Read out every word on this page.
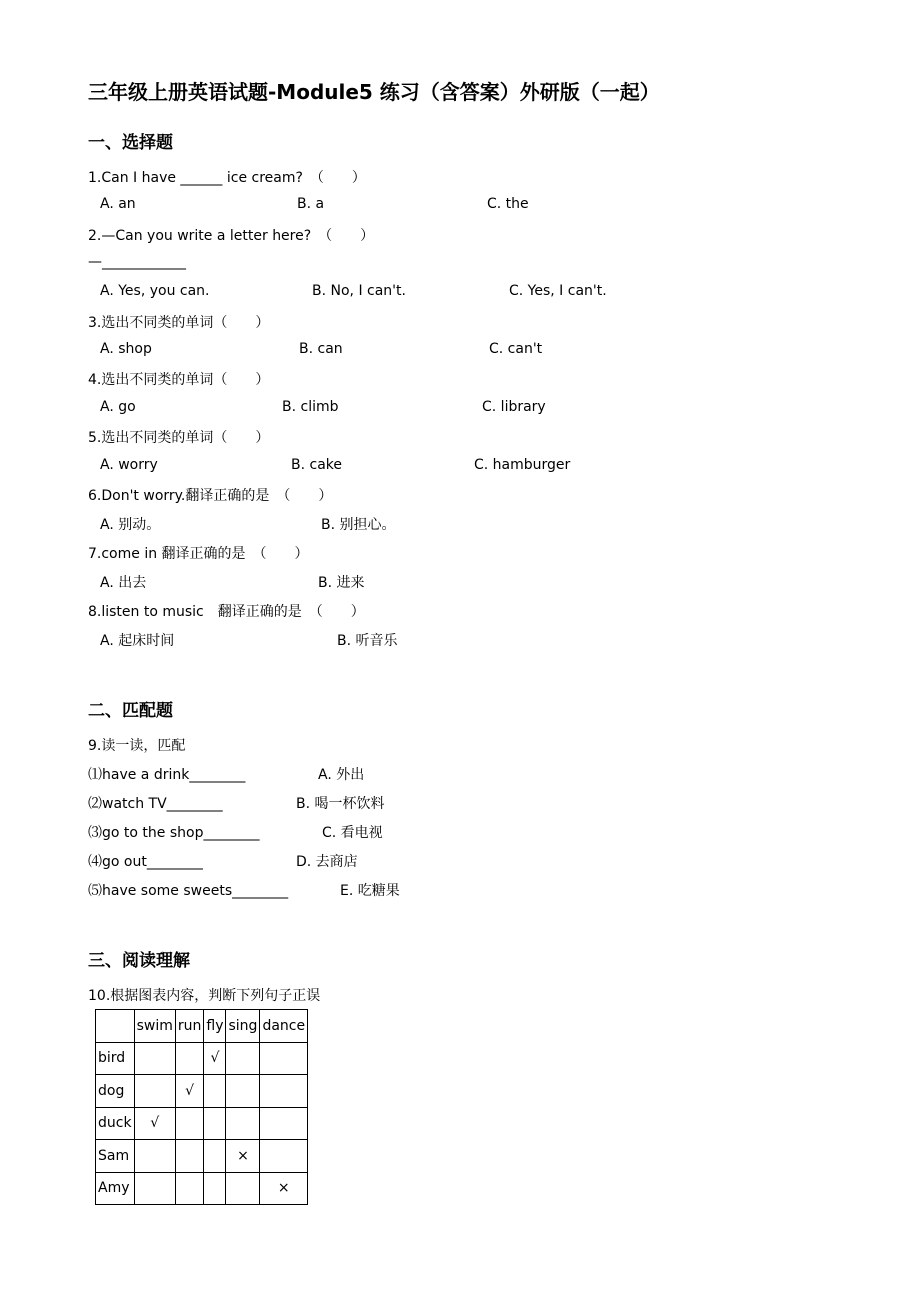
三年级上册英语试题-Module5 练习（含答案）外研版（一起）
一、选择题
1.Can I have ______ ice cream?　（　　）
A. an	B. a	C. the
2.—Can you write a letter here?　（　　）
—____________
A. Yes, you can.	B. No, I can't.	C. Yes, I can't.
3.选出不同类的单词（　　）
A. shop	B. can	C. can't
4.选出不同类的单词（　　）
A. go	B. climb	C. library
5.选出不同类的单词（　　）
A. worry	B. cake	C. hamburger
6.Don't worry.翻译正确的是　（　　）
A. 别动。	B. 别担心。
7.come in 翻译正确的是　（　　）
A. 出去	B. 进来
8.listen to music　翻译正确的是　（　　）
A. 起床时间	B. 听音乐
二、匹配题
9.读一读，匹配
⑴have a drink________	A. 外出
⑵watch TV________	B. 喝一杯饮料
⑶go to the shop________	C. 看电视
⑷go out________	D. 去商店
⑸have some sweets________	E. 吃糖果
三、阅读理解
10.根据图表内容，判断下列句子正误
	swim	run	fly	sing	dance
bird			√		
dog		√			
duck	√				
Sam				×	
Amy					×
